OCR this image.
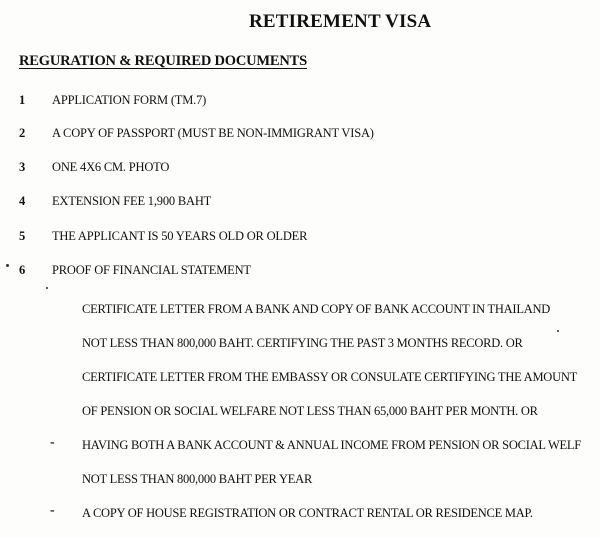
RETIREMENT VISA
REGURATION & REQUIRED DOCUMENTS
1 APPLICATION FORM (TM.7)
2 A COPY OF PASSPORT (MUST BE NON-IMMIGRANT VISA)
3 ONE 4X6 CM. PHOTO
4 EXTENSION FEE 1,900 BAHT
5 THE APPLICANT IS 50 YEARS OLD OR OLDER
6 PROOF OF FINANCIAL STATEMENT
CERTIFICATE LETTER FROM A BANK AND COPY OF BANK ACCOUNT IN THAILAND
NOT LESS THAN 800,000 BAHT. CERTIFYING THE PAST 3 MONTHS RECORD. OR
CERTIFICATE LETTER FROM THE EMBASSY OR CONSULATE CERTIFYING THE AMOUNT
OF PENSION OR SOCIAL WELFARE NOT LESS THAN 65,000 BAHT PER MONTH. OR
- HAVING BOTH A BANK ACCOUNT & ANNUAL INCOME FROM PENSION OR SOCIAL WELF
NOT LESS THAN 800,000 BAHT PER YEAR
- A COPY OF HOUSE REGISTRATION OR CONTRACT RENTAL OR RESIDENCE MAP.
